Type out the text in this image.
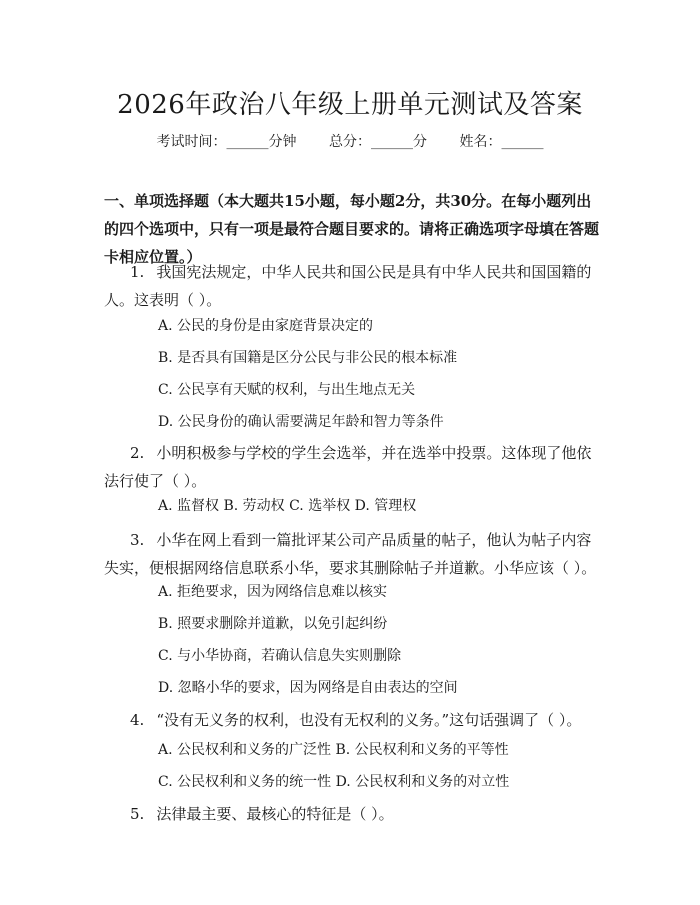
2026年政治八年级上册单元测试及答案
考试时间：______分钟 总分：______分 姓名：______
一、单项选择题（本大题共15小题，每小题2分，共30分。在每小题列出的四个选项中，只有一项是最符合题目要求的。请将正确选项字母填在答题卡相应位置。）
1. 我国宪法规定，中华人民共和国公民是具有中华人民共和国国籍的人。这表明（ ）。
A. 公民的身份是由家庭背景决定的
B. 是否具有国籍是区分公民与非公民的根本标准
C. 公民享有天赋的权利，与出生地点无关
D. 公民身份的确认需要满足年龄和智力等条件
2. 小明积极参与学校的学生会选举，并在选举中投票。这体现了他依法行使了（ ）。
A. 监督权 B. 劳动权 C. 选举权 D. 管理权
3. 小华在网上看到一篇批评某公司产品质量的帖子，他认为帖子内容失实，便根据网络信息联系小华，要求其删除帖子并道歉。小华应该（ ）。
A. 拒绝要求，因为网络信息难以核实
B. 照要求删除并道歉，以免引起纠纷
C. 与小华协商，若确认信息失实则删除
D. 忽略小华的要求，因为网络是自由表达的空间
4. “没有无义务的权利，也没有无权利的义务。”这句话强调了（ ）。
A. 公民权利和义务的广泛性 B. 公民权利和义务的平等性
C. 公民权利和义务的统一性 D. 公民权利和义务的对立性
5. 法律最主要、最核心的特征是（ ）。
